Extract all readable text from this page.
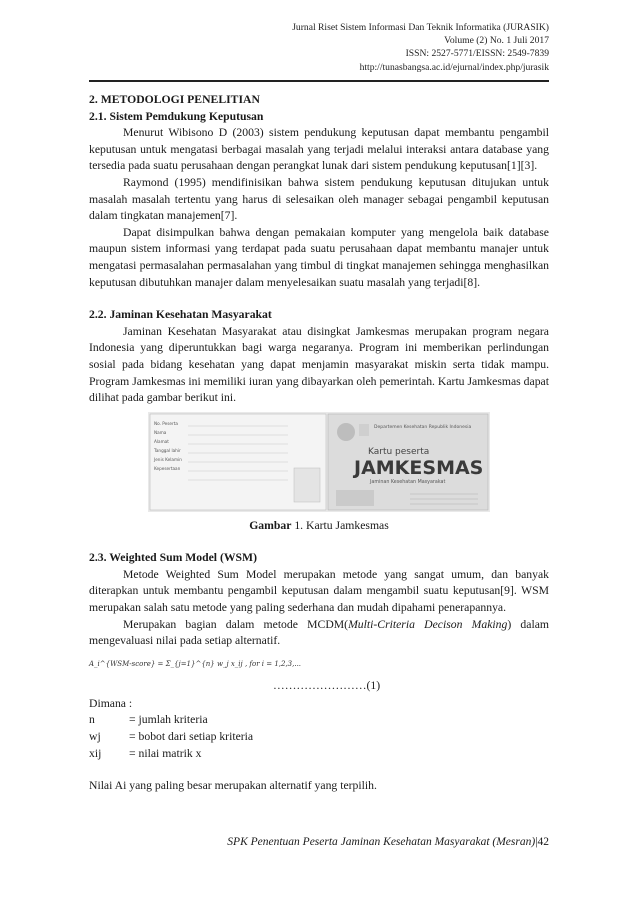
Jurnal Riset Sistem Informasi Dan Teknik Informatika (JURASIK)
Volume (2) No. 1 Juli 2017
ISSN: 2527-5771/EISSN: 2549-7839
http://tunasbangsa.ac.id/ejurnal/index.php/jurasik

2. METODOLOGI PENELITIAN

2.1. Sistem Pemdukung Keputusan

Menurut Wibisono D (2003) sistem pendukung keputusan dapat membantu pengambil keputusan untuk mengatasi berbagai masalah yang terjadi melalui interaksi antara database yang tersedia pada suatu perusahaan dengan perangkat lunak dari sistem pendukung keputusan[1][3].

Raymond (1995) mendifinisikan bahwa sistem pendukung keputusan ditujukan untuk masalah masalah tertentu yang harus di selesaikan oleh manager sebagai pengambil keputusan dalam tingkatan manajemen[7].

Dapat disimpulkan bahwa dengan pemakaian komputer yang mengelola baik database maupun sistem informasi yang terdapat pada suatu perusahaan dapat membantu manajer untuk mengatasi permasalahan permasalahan yang timbul di tingkat manajemen sehingga menghasilkan keputusan dibutuhkan manajer dalam menyelesaikan suatu masalah yang terjadi[8].

2.2. Jaminan Kesehatan Masyarakat

Jaminan Kesehatan Masyarakat atau disingkat Jamkesmas merupakan program negara Indonesia yang diperuntukkan bagi warga negaranya. Program ini memberikan perlindungan sosial pada bidang kesehatan yang dapat menjamin masyarakat miskin serta tidak mampu. Program Jamkesmas ini memiliki iuran yang dibayarkan oleh pemerintah. Kartu Jamkesmas dapat dilihat pada gambar berikut ini.

No. Peserta
Nama
Alamat
Tanggal lahir
Jenis Kelamin
Kepesertaan
Departemen Kesehatan Republik Indonesia
Kartu peserta
JAMKESMAS
Jaminan Kesehatan Masyarakat
Gambar 1. Kartu Jamkesmas

2.3. Weighted Sum Model (WSM)

Metode Weighted Sum Model merupakan metode yang sangat umum, dan banyak diterapkan untuk membantu pengambil keputusan dalam mengambil suatu keputusan[9]. WSM merupakan salah satu metode yang paling sederhana dan mudah dipahami penerapannya.

Merupakan bagian dalam metode MCDM(Multi-Criteria Decison Making) dalam mengevaluasi nilai pada setiap alternatif.

A_i^{WSM-score} = Σ_{j=1}^{n} w_j x_ij , for i = 1,2,3,...
……………………(1)

Dimana :

n	= jumlah kriteria
wj	= bobot dari setiap kriteria
xij	= nilai matrik x

Nilai Ai yang paling besar merupakan alternatif yang terpilih.

SPK Penentuan Peserta Jaminan Kesehatan Masyarakat (Mesran)|42
